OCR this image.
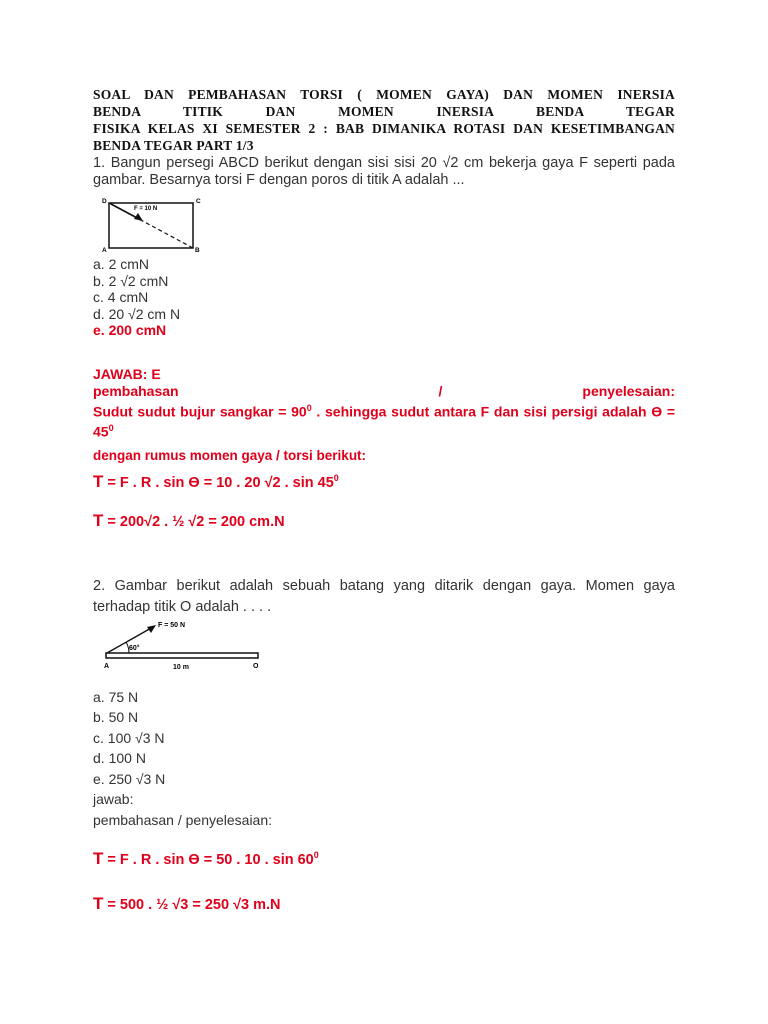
SOAL DAN PEMBAHASAN TORSI ( MOMEN GAYA) DAN MOMEN INERSIA
BENDA TITIK DAN MOMEN INERSIA BENDA TEGAR
FISIKA KELAS XI SEMESTER 2 : BAB DIMANIKA ROTASI DAN KESETIMBANGAN
BENDA TEGAR PART 1/3
1. Bangun persegi ABCD berikut dengan sisi sisi 20 √2 cm bekerja gaya F seperti pada gambar. Besarnya torsi F dengan poros di titik A adalah ...
D	C
A	B
F = 10 N
a. 2 cmN
b. 2 √2 cmN
c. 4 cmN
d. 20 √2 cm N
e. 200 cmN
JAWAB: E
pembahasan	/	penyelesaian:
Sudut sudut bujur sangkar = $90^0$ . sehingga sudut antara F dan sisi persigi adalah Ɵ = $45^0$
dengan rumus momen gaya / torsi berikut:
T = F . R . sin Ɵ = 10 . 20 √2 . $\sin 45^0$
T = 200√2 . ½ √2 = 200 cm.N
2. Gambar berikut adalah sebuah batang yang ditarik dengan gaya. Momen gaya terhadap titik O adalah . . . .
F = 50 N
60°
A	O
10 m
a. 75 N
b. 50 N
c. 100 √3 N
d. 100 N
e. 250 √3 N
jawab:
pembahasan / penyelesaian:
T = F . R . sin Ɵ = 50 . 10 . $\sin 60^0$
T = 500 . ½ √3 = 250 √3 m.N
